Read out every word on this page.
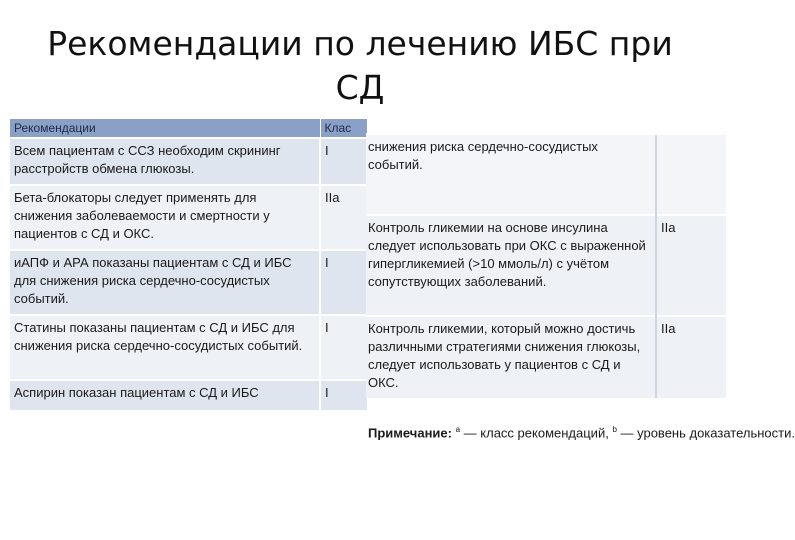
Рекомендации по лечению ИБС при
СД
Рекомендации	Клас
Всем пациентам с ССЗ необходим скрининг расстройств обмена глюкозы.	I
Бета-блокаторы следует применять для снижения заболеваемости и смертности у пациентов с СД и ОКС.	IIa
иАПФ и АРА показаны пациентам с СД и ИБС для снижения риска сердечно-сосудистых событий.	I
Статины показаны пациентам с СД и ИБС для снижения риска сердечно-сосудистых событий.	I
Аспирин показан пациентам с СД и ИБС	I
снижения риска сердечно-сосудистых событий.	
Контроль гликемии на основе инсулина следует использовать при ОКС с выраженной гипергликемией (>10 ммоль/л) с учётом сопутствующих заболеваний.	IIa
Контроль гликемии, который можно достичь различными стратегиями снижения глюкозы, следует использовать у пациентов с СД и ОКС.	IIa
Примечание: $^а$ — класс рекомендаций, $^b$ — уровень доказательности.
